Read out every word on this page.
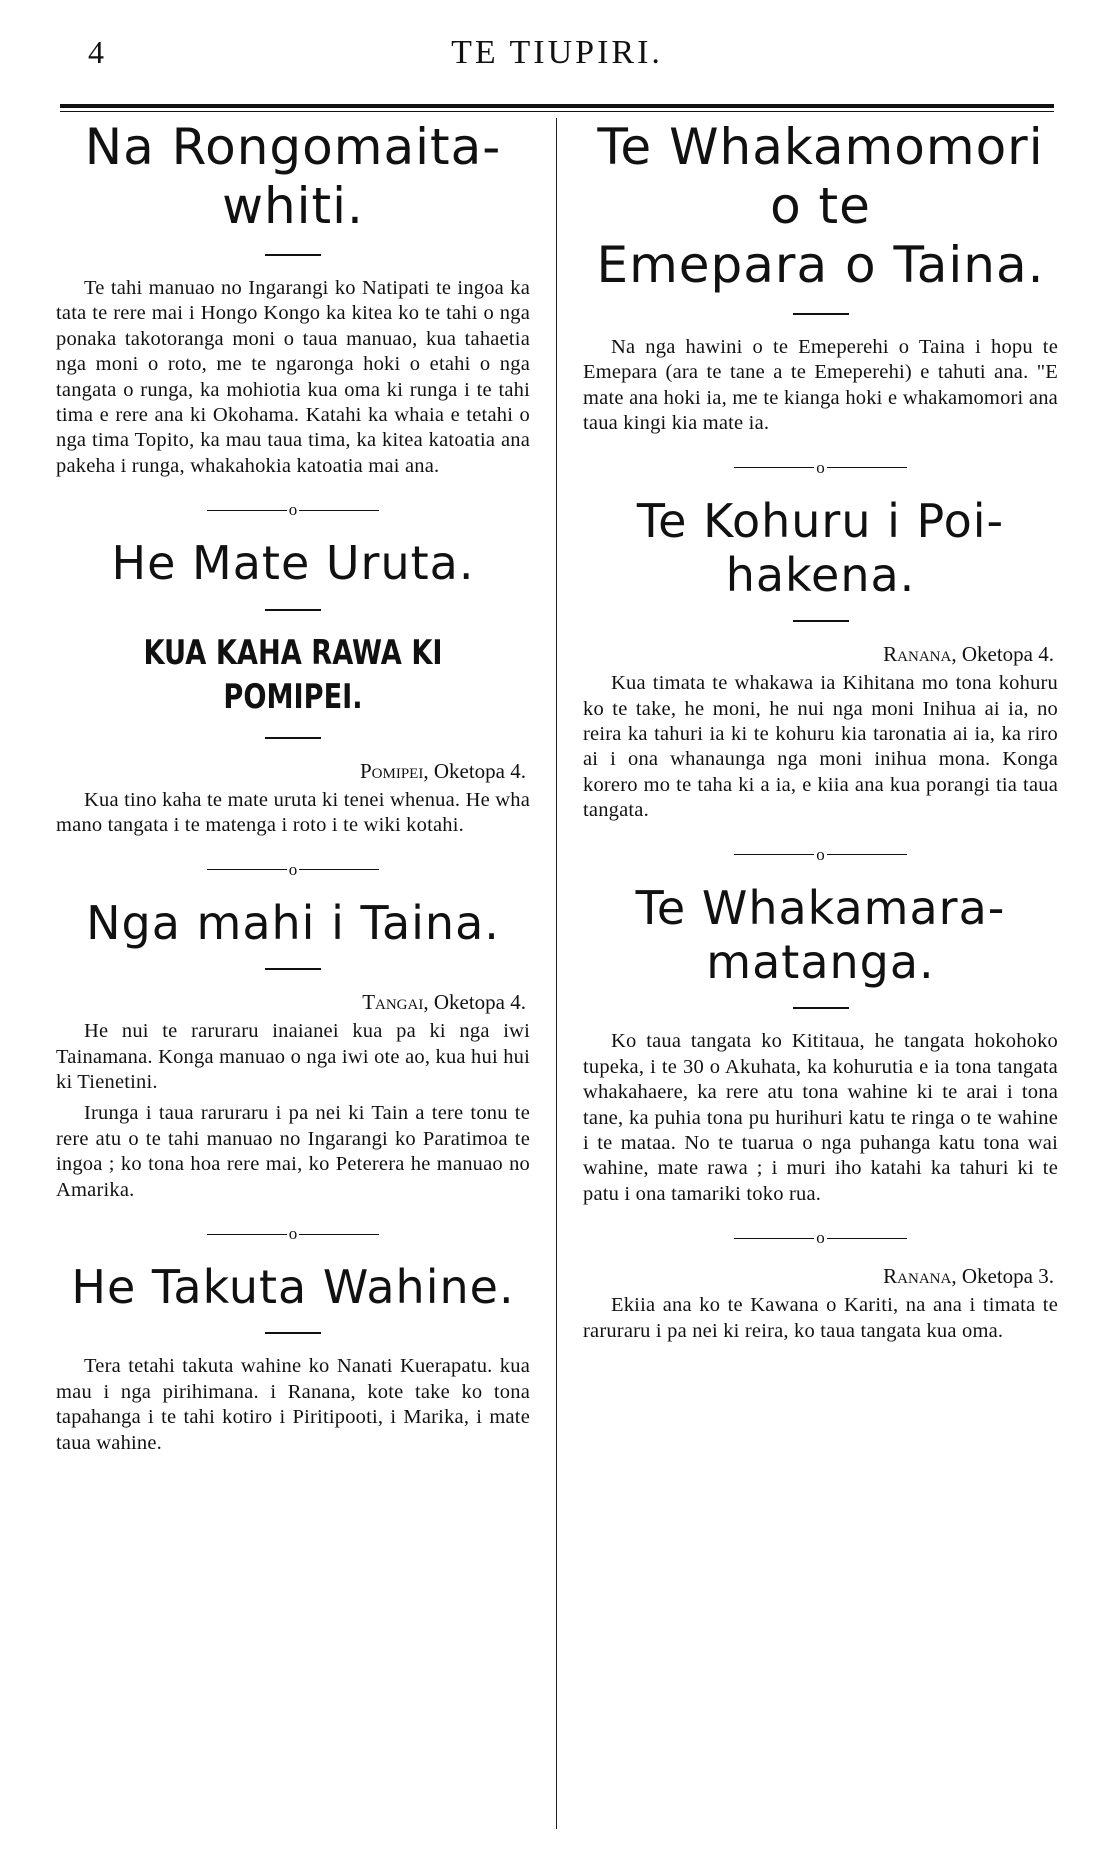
4	TE TIUPIRI.
Na Rongomaita-
whiti.

Te tahi manuao no Ingarangi ko Natipati te ingoa ka tata te rere mai i Hongo Kongo ka kitea ko te tahi o nga ponaka takotoranga moni o taua manuao, kua tahaetia nga moni o roto, me te ngaronga hoki o etahi o nga tangata o runga, ka mohiotia kua oma ki runga i te tahi tima e rere ana ki Okohama. Katahi ka whaia e tetahi o nga tima Topito, ka mau taua tima, ka kitea katoatia ana pakeha i runga, whakahokia katoatia mai ana.

o
He Mate Uruta.
KUA KAHA RAWA KI
POMIPEI.

Pomipei, Oketopa 4.

Kua tino kaha te mate uruta ki tenei whenua. He wha mano tangata i te matenga i roto i te wiki kotahi.

o
Nga mahi i Taina.

Tangai, Oketopa 4.

He nui te raruraru inaianei kua pa ki nga iwi Tainamana. Konga manuao o nga iwi ote ao, kua hui hui ki Tienetini.

Irunga i taua raruraru i pa nei ki Tain a tere tonu te rere atu o te tahi manuao no Ingarangi ko Paratimoa te ingoa ; ko tona hoa rere mai, ko Peterera he manuao no Amarika.

o
He Takuta Wahine.

Tera tetahi takuta wahine ko Nanati Kuerapatu. kua mau i nga pirihimana. i Ranana, kote take ko tona tapahanga i te tahi kotiro i Piritipooti, i Marika, i mate taua wahine.

Te Whakamomori
o te
Emepara o Taina.

Na nga hawini o te Emeperehi o Taina i hopu te Emepara (ara te tane a te Emeperehi) e tahuti ana. "E mate ana hoki ia, me te kianga hoki e whakamomori ana taua kingi kia mate ia.

o
Te Kohuru i Poi-
hakena.

Ranana, Oketopa 4.

Kua timata te whakawa ia Kihitana mo tona kohuru ko te take, he moni, he nui nga moni Inihua ai ia, no reira ka tahuri ia ki te kohuru kia taronatia ai ia, ka riro ai i ona whanaunga nga moni inihua mona. Konga korero mo te taha ki a ia, e kiia ana kua porangi tia taua tangata.

o
Te Whakamara-
matanga.

Ko taua tangata ko Kititaua, he tangata hokohoko tupeka, i te 30 o Akuhata, ka kohurutia e ia tona tangata whakahaere, ka rere atu tona wahine ki te arai i tona tane, ka puhia tona pu hurihuri katu te ringa o te wahine i te mataa. No te tuarua o nga puhanga katu tona wai wahine, mate rawa ; i muri iho katahi ka tahuri ki te patu i ona tamariki toko rua.

o

Ranana, Oketopa 3.

Ekiia ana ko te Kawana o Kariti, na ana i timata te raruraru i pa nei ki reira, ko taua tangata kua oma.
